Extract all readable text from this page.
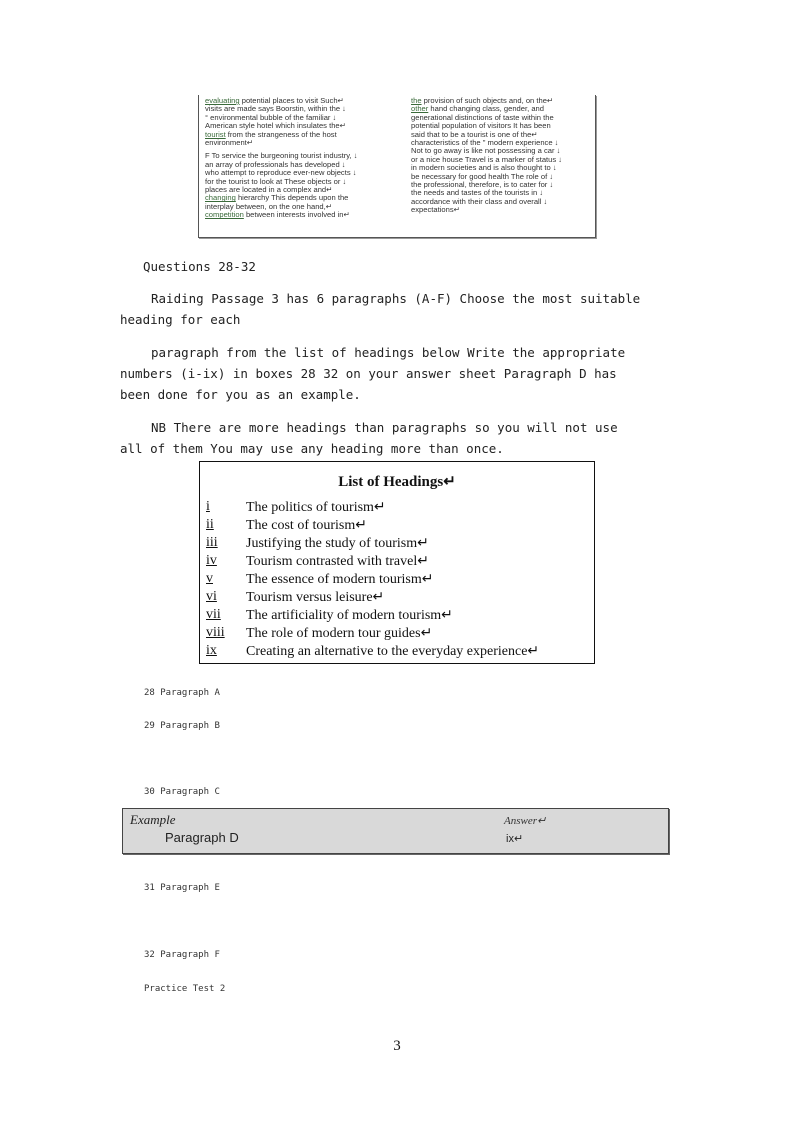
evaluating potential places to visit Such↵
visits are made says Boorstin, within the ↓
° environmental bubble of the familiar ↓
American style hotel which insulates the↵
tourist from the strangeness of the host
environment↵
F To service the burgeoning tourist industry, ↓
an array of professionals has developed ↓
who attempt to reproduce ever-new objects ↓
for the tourist to look at These objects or ↓
places are located in a complex and↵
changing hierarchy This depends upon the
interplay between, on the one hand,↵
competition between interests involved in↵
the provision of such objects and, on the↵
other hand changing class, gender, and
generational distinctions of taste within the
potential population of visitors It has been
said that to be a tourist is one of the↵
characteristics of the " modern experience ↓
Not to go away is like not possessing a car ↓
or a nice house Travel is a marker of status ↓
in modern societies and is also thought to ↓
be necessary for good health The role of ↓
the professional, therefore, is to cater for ↓
the needs and tastes of the tourists in ↓
accordance with their class and overall ↓
expectations↵
Questions 28-32
Raiding Passage 3 has 6 paragraphs (A-F) Choose the most suitable
heading for each
paragraph from the list of headings below Write the appropriate
numbers (i-ix) in boxes 28 32 on your answer sheet Paragraph D has
been done for you as an example.
NB There are more headings than paragraphs so you will not use
all of them You may use any heading more than once.
List of Headings↵
i	The politics of tourism↵
ii	The cost of tourism↵
iii	Justifying the study of tourism↵
iv	Tourism contrasted with travel↵
v	The essence of modern tourism↵
vi	Tourism versus leisure↵
vii	The artificiality of modern tourism↵
viii	The role of modern tour guides↵
ix	Creating an alternative to the everyday experience↵
28 Paragraph A
29 Paragraph B
30 Paragraph C
Example	Answer↵
Paragraph D	ix↵
31 Paragraph E
32 Paragraph F
Practice Test 2
3
